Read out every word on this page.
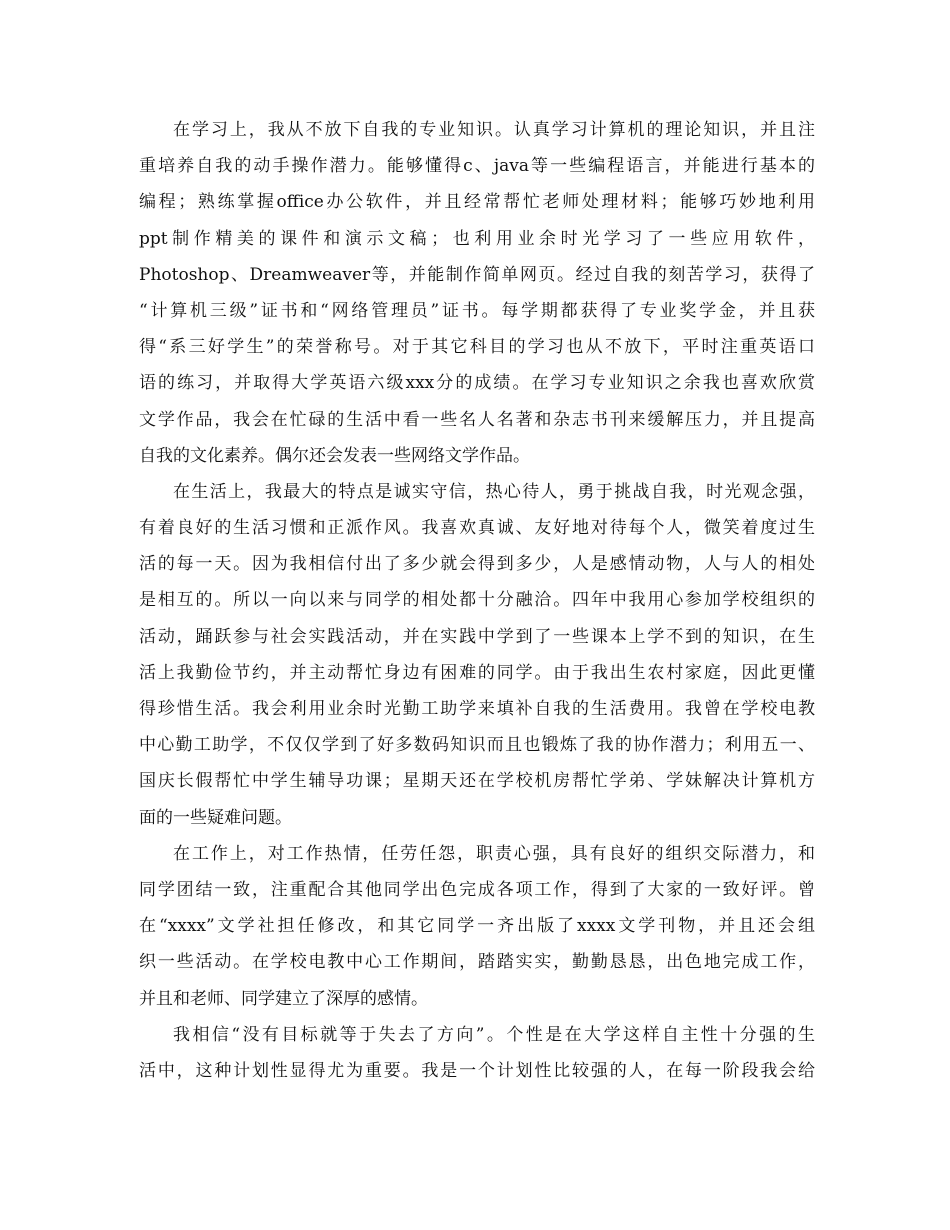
在学习上，我从不放下自我的专业知识。认真学习计算机的理论知识，并且注
重培养自我的动手操作潜力。能够懂得c、java等一些编程语言，并能进行基本的
编程；熟练掌握office办公软件，并且经常帮忙老师处理材料；能够巧妙地利用
ppt制作精美的课件和演示文稿；也利用业余时光学习了一些应用软件，
Photoshop、Dreamweaver等，并能制作简单网页。经过自我的刻苦学习，获得了
“计算机三级”证书和“网络管理员”证书。每学期都获得了专业奖学金，并且获
得“系三好学生”的荣誉称号。对于其它科目的学习也从不放下，平时注重英语口
语的练习，并取得大学英语六级xxx分的成绩。在学习专业知识之余我也喜欢欣赏
文学作品，我会在忙碌的生活中看一些名人名著和杂志书刊来缓解压力，并且提高
自我的文化素养。偶尔还会发表一些网络文学作品。
在生活上，我最大的特点是诚实守信，热心待人，勇于挑战自我，时光观念强，
有着良好的生活习惯和正派作风。我喜欢真诚、友好地对待每个人，微笑着度过生
活的每一天。因为我相信付出了多少就会得到多少，人是感情动物，人与人的相处
是相互的。所以一向以来与同学的相处都十分融洽。四年中我用心参加学校组织的
活动，踊跃参与社会实践活动，并在实践中学到了一些课本上学不到的知识，在生
活上我勤俭节约，并主动帮忙身边有困难的同学。由于我出生农村家庭，因此更懂
得珍惜生活。我会利用业余时光勤工助学来填补自我的生活费用。我曾在学校电教
中心勤工助学，不仅仅学到了好多数码知识而且也锻炼了我的协作潜力；利用五一、
国庆长假帮忙中学生辅导功课；星期天还在学校机房帮忙学弟、学妹解决计算机方
面的一些疑难问题。
在工作上，对工作热情，任劳任怨，职责心强，具有良好的组织交际潜力，和
同学团结一致，注重配合其他同学出色完成各项工作，得到了大家的一致好评。曾
在“xxxx”文学社担任修改，和其它同学一齐出版了xxxx文学刊物，并且还会组
织一些活动。在学校电教中心工作期间，踏踏实实，勤勤恳恳，出色地完成工作，
并且和老师、同学建立了深厚的感情。
我相信“没有目标就等于失去了方向”。个性是在大学这样自主性十分强的生
活中，这种计划性显得尤为重要。我是一个计划性比较强的人，在每一阶段我会给
